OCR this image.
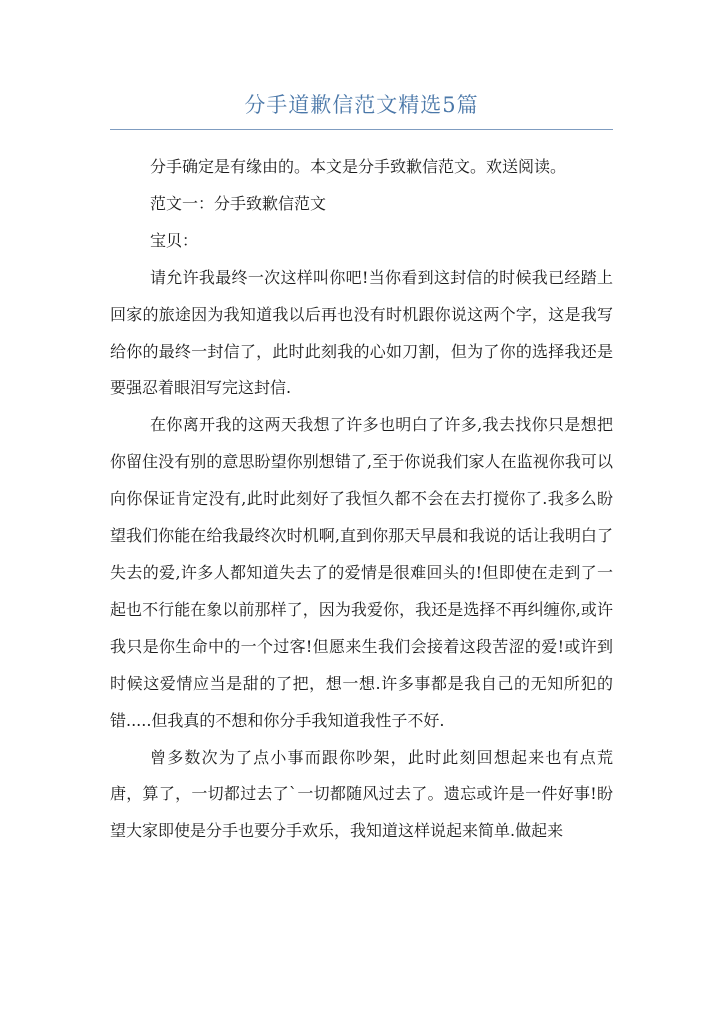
分手道歉信范文精选5篇

分手确定是有缘由的。本文是分手致歉信范文。欢送阅读。

范文一：分手致歉信范文

宝贝：

请允许我最终一次这样叫你吧!当你看到这封信的时候我已经踏上回家的旅途因为我知道我以后再也没有时机跟你说这两个字，这是我写给你的最终一封信了，此时此刻我的心如刀割，但为了你的选择我还是要强忍着眼泪写完这封信.

在你离开我的这两天我想了许多也明白了许多,我去找你只是想把你留住没有别的意思盼望你别想错了,至于你说我们家人在监视你我可以向你保证肯定没有,此时此刻好了我恒久都不会在去打搅你了.我多么盼望我们你能在给我最终次时机啊,直到你那天早晨和我说的话让我明白了失去的爱,许多人都知道失去了的爱情是很难回头的!但即使在走到了一起也不行能在象以前那样了，因为我爱你，我还是选择不再纠缠你,或许我只是你生命中的一个过客!但愿来生我们会接着这段苦涩的爱!或许到时候这爱情应当是甜的了把，想一想.许多事都是我自己的无知所犯的错.....但我真的不想和你分手我知道我性子不好.

曾多数次为了点小事而跟你吵架，此时此刻回想起来也有点荒唐，算了，一切都过去了`一切都随风过去了。遗忘或许是一件好事!盼望大家即使是分手也要分手欢乐，我知道这样说起来简单.做起来
